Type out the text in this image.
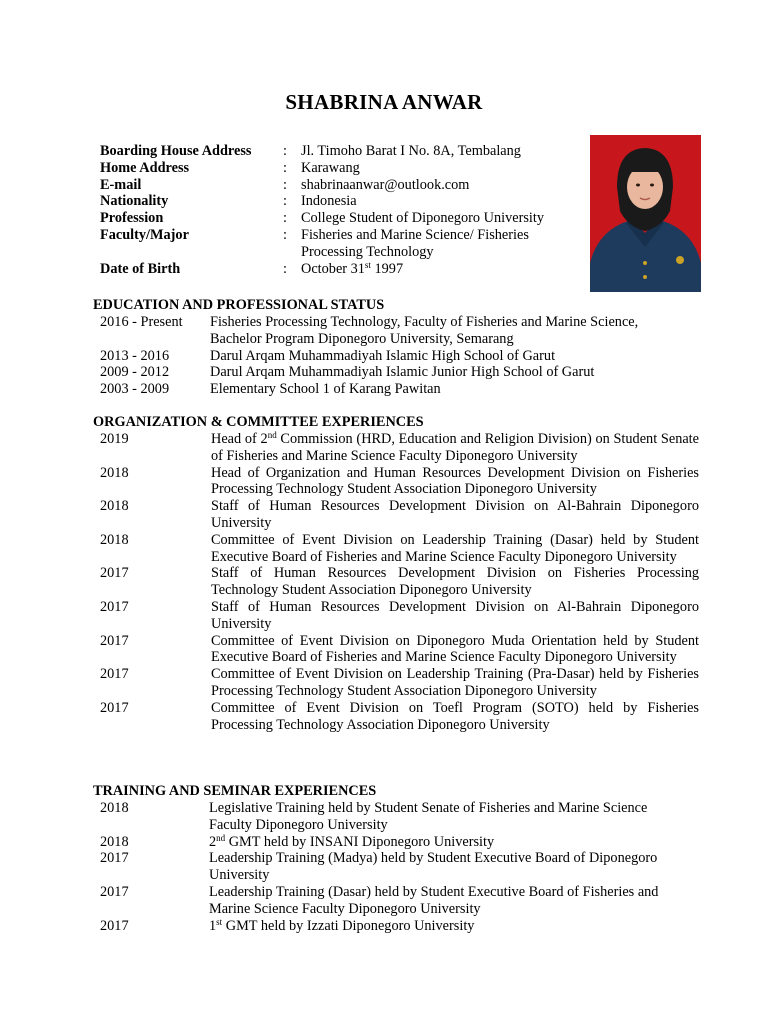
SHABRINA ANWAR
Boarding House Address	: Jl. Timoho Barat I No. 8A, Tembalang
Home Address	: Karawang
E-mail	: shabrinaanwar@outlook.com
Nationality	: Indonesia
Profession	: College Student of Diponegoro University
Faculty/Major	: Fisheries and Marine Science/ Fisheries
Processing Technology
Date of Birth	: October 31st 1997
EDUCATION AND PROFESSIONAL STATUS
2016 - Present	Fisheries Processing Technology, Faculty of Fisheries and Marine Science,
Bachelor Program Diponegoro University, Semarang
2013 - 2016	Darul Arqam Muhammadiyah Islamic High School of Garut
2009 - 2012	Darul Arqam Muhammadiyah Islamic Junior High School of Garut
2003 - 2009	Elementary School 1 of Karang Pawitan
ORGANIZATION & COMMITTEE EXPERIENCES
2019	Head of 2nd Commission (HRD, Education and Religion Division) on Student Senate of Fisheries and Marine Science Faculty Diponegoro University
2018	Head of Organization and Human Resources Development Division on Fisheries Processing Technology Student Association Diponegoro University
2018	Staff of Human Resources Development Division on Al-Bahrain Diponegoro University
2018	Committee of Event Division on Leadership Training (Dasar) held by Student Executive Board of Fisheries and Marine Science Faculty Diponegoro University
2017	Staff of Human Resources Development Division on Fisheries Processing Technology Student Association Diponegoro University
2017	Staff of Human Resources Development Division on Al-Bahrain Diponegoro University
2017	Committee of Event Division on Diponegoro Muda Orientation held by Student Executive Board of Fisheries and Marine Science Faculty Diponegoro University
2017	Committee of Event Division on Leadership Training (Pra-Dasar) held by Fisheries Processing Technology Student Association Diponegoro University
2017	Committee of Event Division on Toefl Program (SOTO) held by Fisheries Processing Technology Association Diponegoro University
TRAINING AND SEMINAR EXPERIENCES
2018	Legislative Training held by Student Senate of Fisheries and Marine Science
Faculty Diponegoro University
2018	2nd GMT held by INSANI Diponegoro University
2017	Leadership Training (Madya) held by Student Executive Board of Diponegoro
University
2017	Leadership Training (Dasar) held by Student Executive Board of Fisheries and
Marine Science Faculty Diponegoro University
2017	1st GMT held by Izzati Diponegoro University
